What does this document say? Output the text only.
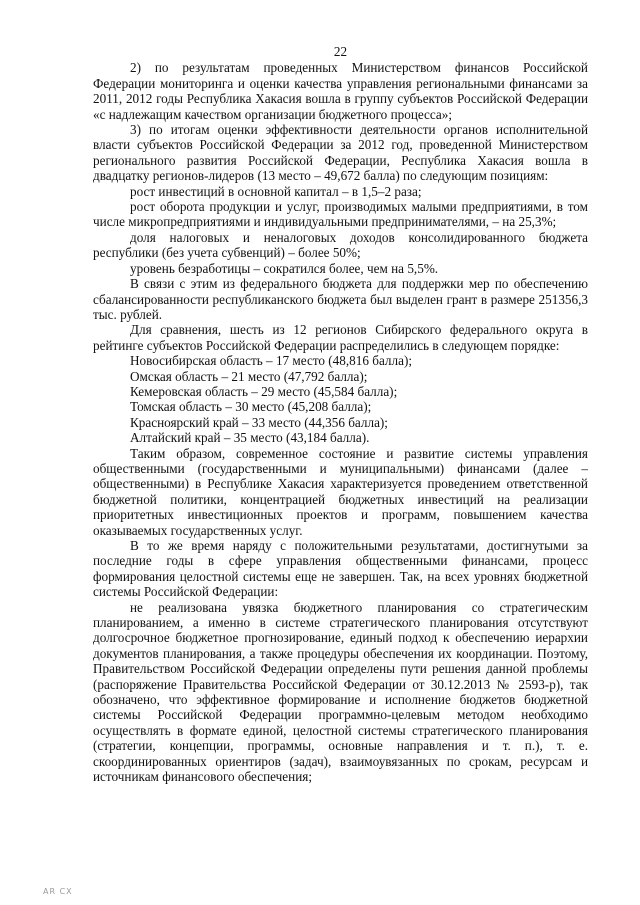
22

2) по результатам проведенных Министерством финансов Российской Федерации мониторинга и оценки качества управления региональными финансами за 2011, 2012 годы Республика Хакасия вошла в группу субъектов Российской Федерации «с надлежащим качеством организации бюджетного процесса»;

3) по итогам оценки эффективности деятельности органов исполнительной власти субъектов Российской Федерации за 2012 год, проведенной Министерством регионального развития Российской Федерации, Республика Хакасия вошла в двадцатку регионов-лидеров (13 место – 49,672 балла) по следующим позициям:

рост инвестиций в основной капитал – в 1,5–2 раза;

рост оборота продукции и услуг, производимых малыми предприятиями, в том числе микропредприятиями и индивидуальными предпринимателями, – на 25,3%;

доля налоговых и неналоговых доходов консолидированного бюджета республики (без учета субвенций) – более 50%;

уровень безработицы – сократился более, чем на 5,5%.

В связи с этим из федерального бюджета для поддержки мер по обеспечению сбалансированности республиканского бюджета был выделен грант в размере 251356,3 тыс. рублей.

Для сравнения, шесть из 12 регионов Сибирского федерального округа в рейтинге субъектов Российской Федерации распределились в следующем порядке:

Новосибирская область – 17 место (48,816 балла);

Омская область – 21 место (47,792 балла);

Кемеровская область – 29 место (45,584 балла);

Томская область – 30 место (45,208 балла);

Красноярский край – 33 место (44,356 балла);

Алтайский край – 35 место (43,184 балла).

Таким образом, современное состояние и развитие системы управления общественными (государственными и муниципальными) финансами (далее – общественными) в Республике Хакасия характеризуется проведением ответственной бюджетной политики, концентрацией бюджетных инвестиций на реализации приоритетных инвестиционных проектов и программ, повышением качества оказываемых государственных услуг.

В то же время наряду с положительными результатами, достигнутыми за последние годы в сфере управления общественными финансами, процесс формирования целостной системы еще не завершен. Так, на всех уровнях бюджетной системы Российской Федерации:

не реализована увязка бюджетного планирования со стратегическим планированием, а именно в системе стратегического планирования отсутствуют долгосрочное бюджетное прогнозирование, единый подход к обеспечению иерархии документов планирования, а также процедуры обеспечения их координации. Поэтому, Правительством Российской Федерации определены пути решения данной проблемы (распоряжение Правительства Российской Федерации от 30.12.2013 № 2593-р), так обозначено, что эффективное формирование и исполнение бюджетов бюджетной системы Российской Федерации программно-целевым методом необходимо осуществлять в формате единой, целостной системы стратегического планирования (стратегии, концепции, программы, основные направления и т. п.), т. е. скоординированных ориентиров (задач), взаимоувязанных по срокам, ресурсам и источникам финансового обеспечения;

AR CX
